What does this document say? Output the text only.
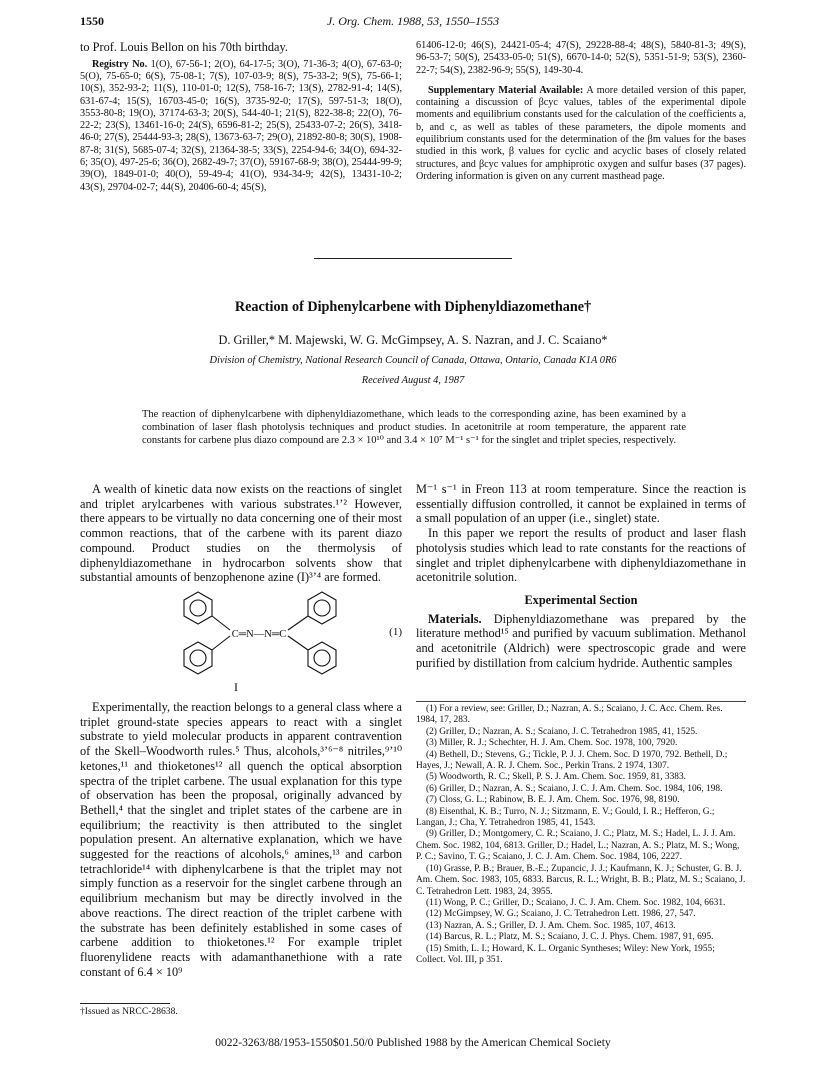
1550	J. Org. Chem. 1988, 53, 1550–1553

to Prof. Louis Bellon on his 70th birthday.

Registry No. 1(O), 67-56-1; 2(O), 64-17-5; 3(O), 71-36-3; 4(O), 67-63-0; 5(O), 75-65-0; 6(S), 75-08-1; 7(S), 107-03-9; 8(S), 75-33-2; 9(S), 75-66-1; 10(S), 352-93-2; 11(S), 110-01-0; 12(S), 758-16-7; 13(S), 2782-91-4; 14(S), 631-67-4; 15(S), 16703-45-0; 16(S), 3735-92-0; 17(S), 597-51-3; 18(O), 3553-80-8; 19(O), 37174-63-3; 20(S), 544-40-1; 21(S), 822-38-8; 22(O), 76-22-2; 23(S), 13461-16-0; 24(S), 6596-81-2; 25(S), 25433-07-2; 26(S), 3418-46-0; 27(S), 25444-93-3; 28(S), 13673-63-7; 29(O), 21892-80-8; 30(S), 1908-87-8; 31(S), 5685-07-4; 32(S), 21364-38-5; 33(S), 2254-94-6; 34(O), 694-32-6; 35(O), 497-25-6; 36(O), 2682-49-7; 37(O), 59167-68-9; 38(O), 25444-99-9; 39(O), 1849-01-0; 40(O), 59-49-4; 41(O), 934-34-9; 42(S), 13431-10-2; 43(S), 29704-02-7; 44(S), 20406-60-4; 45(S),

61406-12-0; 46(S), 24421-05-4; 47(S), 29228-88-4; 48(S), 5840-81-3; 49(S), 96-53-7; 50(S), 25433-05-0; 51(S), 6670-14-0; 52(S), 5351-51-9; 53(S), 2360-22-7; 54(S), 2382-96-9; 55(S), 149-30-4.

Supplementary Material Available: A more detailed version of this paper, containing a discussion of βcyc values, tables of the experimental dipole moments and equilibrium constants used for the calculation of the coefficients a, b, and c, as well as tables of these parameters, the dipole moments and equilibrium constants used for the determination of the βm values for the bases studied in this work, β values for cyclic and acyclic bases of closely related structures, and βcyc values for amphiprotic oxygen and sulfur bases (37 pages). Ordering information is given on any current masthead page.

Reaction of Diphenylcarbene with Diphenyldiazomethane†
D. Griller,* M. Majewski, W. G. McGimpsey, A. S. Nazran, and J. C. Scaiano*
Division of Chemistry, National Research Council of Canada, Ottawa, Ontario, Canada K1A 0R6
Received August 4, 1987
The reaction of diphenylcarbene with diphenyldiazomethane, which leads to the corresponding azine, has been examined by a combination of laser flash photolysis techniques and product studies. In acetonitrile at room temperature, the apparent rate constants for carbene plus diazo compound are 2.3 × 10¹⁰ and 3.4 × 10⁷ M⁻¹ s⁻¹ for the singlet and triplet species, respectively.

A wealth of kinetic data now exists on the reactions of singlet and triplet arylcarbenes with various substrates.¹ʼ² However, there appears to be virtually no data concerning one of their most common reactions, that of the carbene with its parent diazo compound. Product studies on the thermolysis of diphenyldiazomethane in hydrocarbon solvents show that substantial amounts of benzophenone azine (I)³ʼ⁴ are formed.

C═N—N═C	(1)
I

Experimentally, the reaction belongs to a general class where a triplet ground-state species appears to react with a singlet substrate to yield molecular products in apparent contravention of the Skell–Woodworth rules.⁵ Thus, alcohols,³ʼ⁶⁻⁸ nitriles,⁹ʼ¹⁰ ketones,¹¹ and thioketones¹² all quench the optical absorption spectra of the triplet carbene. The usual explanation for this type of observation has been the proposal, originally advanced by Bethell,⁴ that the singlet and triplet states of the carbene are in equilibrium; the reactivity is then attributed to the singlet population present. An alternative explanation, which we have suggested for the reactions of alcohols,⁶ amines,¹³ and carbon tetrachloride¹⁴ with diphenylcarbene is that the triplet may not simply function as a reservoir for the singlet carbene through an equilibrium mechanism but may be directly involved in the above reactions. The direct reaction of the triplet carbene with the substrate has been definitely established in some cases of carbene addition to thioketones.¹² For example triplet fluorenylidene reacts with adamanthanethione with a rate constant of 6.4 × 10⁹

†Issued as NRCC-28638.

M⁻¹ s⁻¹ in Freon 113 at room temperature. Since the reaction is essentially diffusion controlled, it cannot be explained in terms of a small population of an upper (i.e., singlet) state.

In this paper we report the results of product and laser flash photolysis studies which lead to rate constants for the reactions of singlet and triplet diphenylcarbene with diphenyldiazomethane in acetonitrile solution.

Experimental Section

Materials. Diphenyldiazomethane was prepared by the literature method¹⁵ and purified by vacuum sublimation. Methanol and acetonitrile (Aldrich) were spectroscopic grade and were purified by distillation from calcium hydride. Authentic samples

(1) For a review, see: Griller, D.; Nazran, A. S.; Scaiano, J. C. Acc. Chem. Res. 1984, 17, 283.
(2) Griller, D.; Nazran, A. S.; Scaiano, J. C. Tetrahedron 1985, 41, 1525.
(3) Miller, R. J.; Schechter, H. J. Am. Chem. Soc. 1978, 100, 7920.
(4) Bethell, D.; Stevens, G.; Tickle, P. J. J. Chem. Soc. D 1970, 792. Bethell, D.; Hayes, J.; Newall, A. R. J. Chem. Soc., Perkin Trans. 2 1974, 1307.
(5) Woodworth, R. C.; Skell, P. S. J. Am. Chem. Soc. 1959, 81, 3383.
(6) Griller, D.; Nazran, A. S.; Scaiano, J. C. J. Am. Chem. Soc. 1984, 106, 198.
(7) Closs, G. L.; Rabinow, B. E. J. Am. Chem. Soc. 1976, 98, 8190.
(8) Eisenthal, K. B.; Turro, N. J.; Sitzmann, E. V.; Gould, I. R.; Hefferon, G.; Langan, J.; Cha, Y. Tetrahedron 1985, 41, 1543.
(9) Griller, D.; Montgomery, C. R.; Scaiano, J. C.; Platz, M. S.; Hadel, L. J. J. Am. Chem. Soc. 1982, 104, 6813. Griller, D.; Hadel, L.; Nazran, A. S.; Platz, M. S.; Wong, P. C.; Savino, T. G.; Scaiano, J. C. J. Am. Chem. Soc. 1984, 106, 2227.
(10) Grasse, P. B.; Brauer, B.-E.; Zupancic, J. J.; Kaufmann, K. J.; Schuster, G. B. J. Am. Chem. Soc. 1983, 105, 6833. Barcus, R. L.; Wright, B. B.; Platz, M. S.; Scaiano, J. C. Tetrahedron Lett. 1983, 24, 3955.
(11) Wong, P. C.; Griller, D.; Scaiano, J. C. J. Am. Chem. Soc. 1982, 104, 6631.
(12) McGimpsey, W. G.; Scaiano, J. C. Tetrahedron Lett. 1986, 27, 547.
(13) Nazran, A. S.; Griller, D. J. Am. Chem. Soc. 1985, 107, 4613.
(14) Barcus, R. L.; Platz, M. S.; Scaiano, J. C. J. Phys. Chem. 1987, 91, 695.
(15) Smith, L. I.; Howard, K. L. Organic Syntheses; Wiley: New York, 1955; Collect. Vol. III, p 351.
0022-3263/88/1953-1550$01.50/0 Published 1988 by the American Chemical Society
